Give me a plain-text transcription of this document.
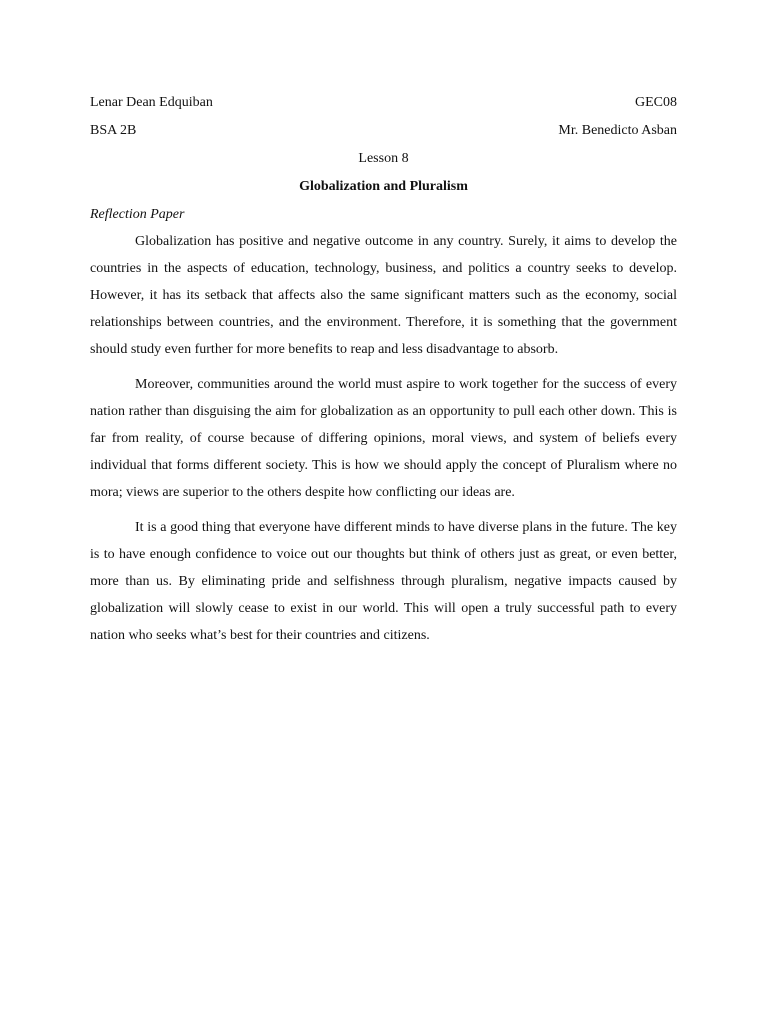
Lenar Dean Edquiban	GEC08
BSA 2B	Mr. Benedicto Asban
Lesson 8
Globalization and Pluralism
Reflection Paper

Globalization has positive and negative outcome in any country. Surely, it aims to develop the countries in the aspects of education, technology, business, and politics a country seeks to develop. However, it has its setback that affects also the same significant matters such as the economy, social relationships between countries, and the environment. Therefore, it is something that the government should study even further for more benefits to reap and less disadvantage to absorb.

Moreover, communities around the world must aspire to work together for the success of every nation rather than disguising the aim for globalization as an opportunity to pull each other down. This is far from reality, of course because of differing opinions, moral views, and system of beliefs every individual that forms different society. This is how we should apply the concept of Pluralism where no mora; views are superior to the others despite how conflicting our ideas are.

It is a good thing that everyone have different minds to have diverse plans in the future. The key is to have enough confidence to voice out our thoughts but think of others just as great, or even better, more than us. By eliminating pride and selfishness through pluralism, negative impacts caused by globalization will slowly cease to exist in our world. This will open a truly successful path to every nation who seeks what’s best for their countries and citizens.
